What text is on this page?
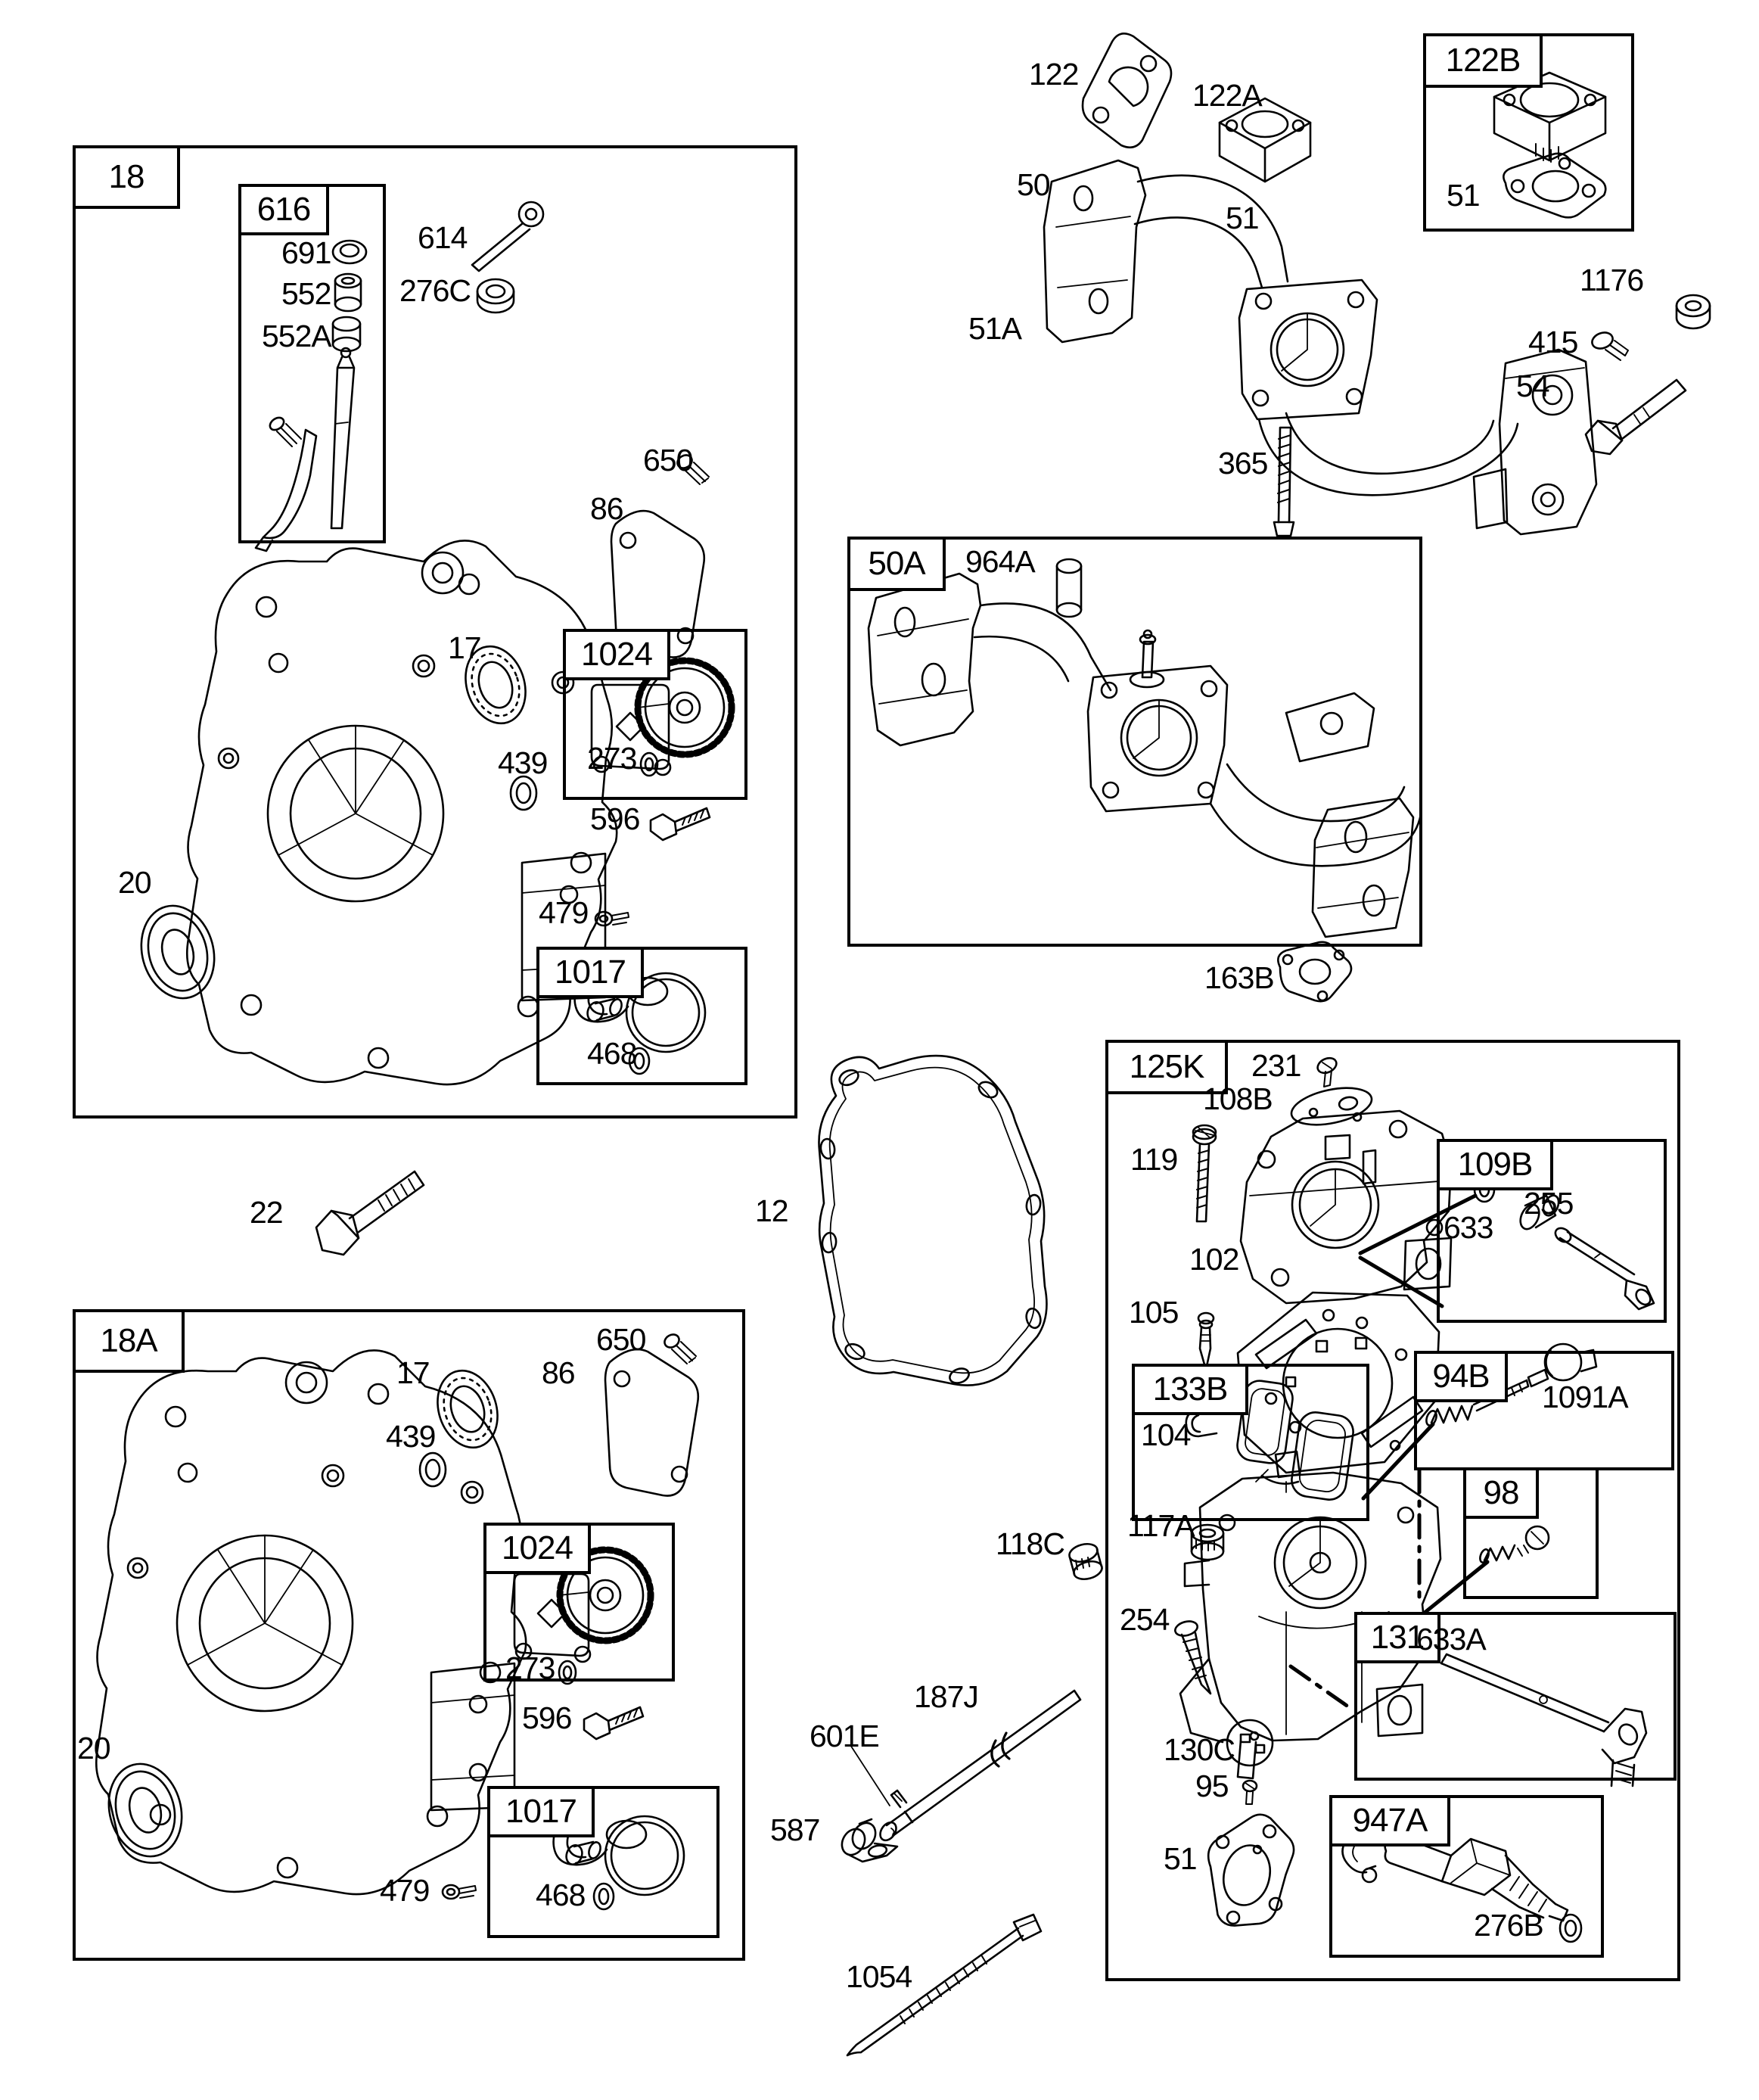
18
616
1024
1017
18A
1024
1017
122B
50A
125K
109B
133B	94B
98
131
947A
691
552
552A
614
276C
650
86
17
273
439
596
479
468
20
22	12
122
122A
51
50
51
51A
1176
415
54
365
964A
163B
231
108B
119
633
255
102
105
104
1091A
117A
118C
254
633A
130C
95
51
276B
187J
601E
587
1054
650
86
17
439
273
596
20
479	468
